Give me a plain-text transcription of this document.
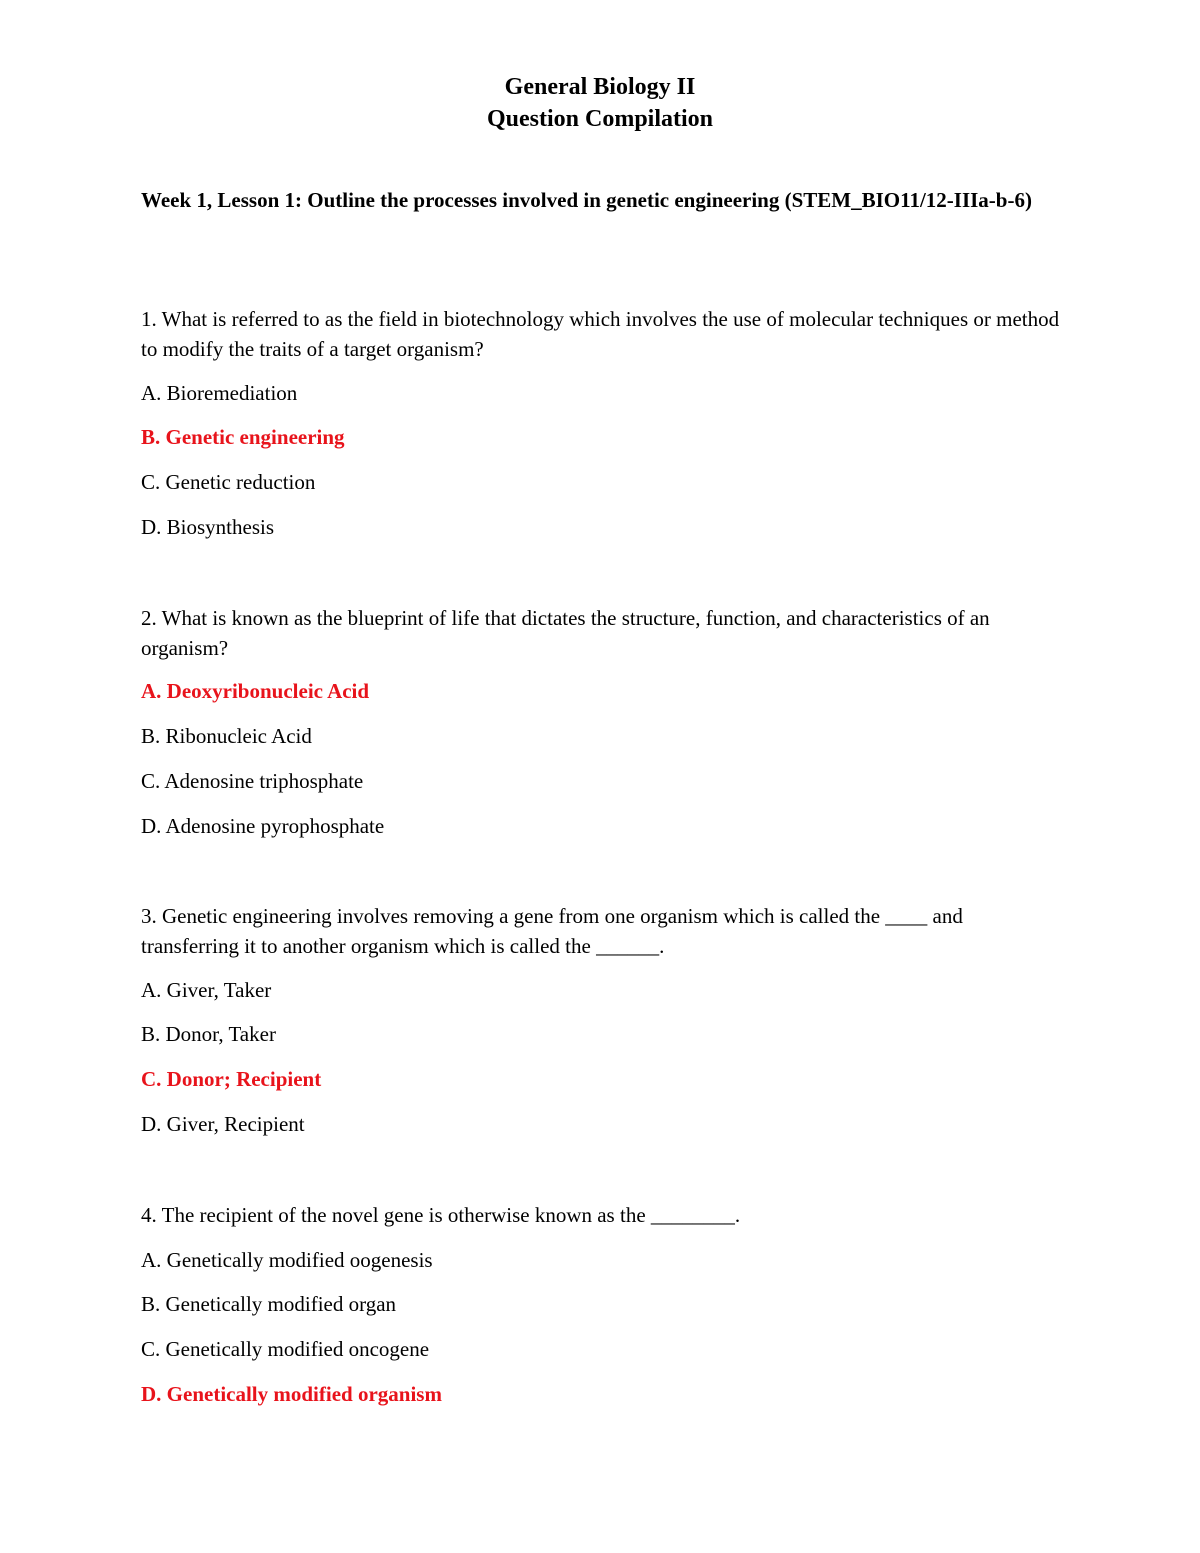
General Biology II
Question Compilation
Week 1, Lesson 1: Outline the processes involved in genetic engineering (STEM_BIO11/12-IIIa-b-6)
1. What is referred to as the field in biotechnology which involves the use of molecular techniques or method to modify the traits of a target organism?
A. Bioremediation
B. Genetic engineering
C. Genetic reduction
D. Biosynthesis
2. What is known as the blueprint of life that dictates the structure, function, and characteristics of an organism?
A. Deoxyribonucleic Acid
B. Ribonucleic Acid
C. Adenosine triphosphate
D. Adenosine pyrophosphate
3. Genetic engineering involves removing a gene from one organism which is called the ____ and transferring it to another organism which is called the ______.
A. Giver, Taker
B. Donor, Taker
C. Donor; Recipient
D. Giver, Recipient
4. The recipient of the novel gene is otherwise known as the ________.
A. Genetically modified oogenesis
B. Genetically modified organ
C. Genetically modified oncogene
D. Genetically modified organism
